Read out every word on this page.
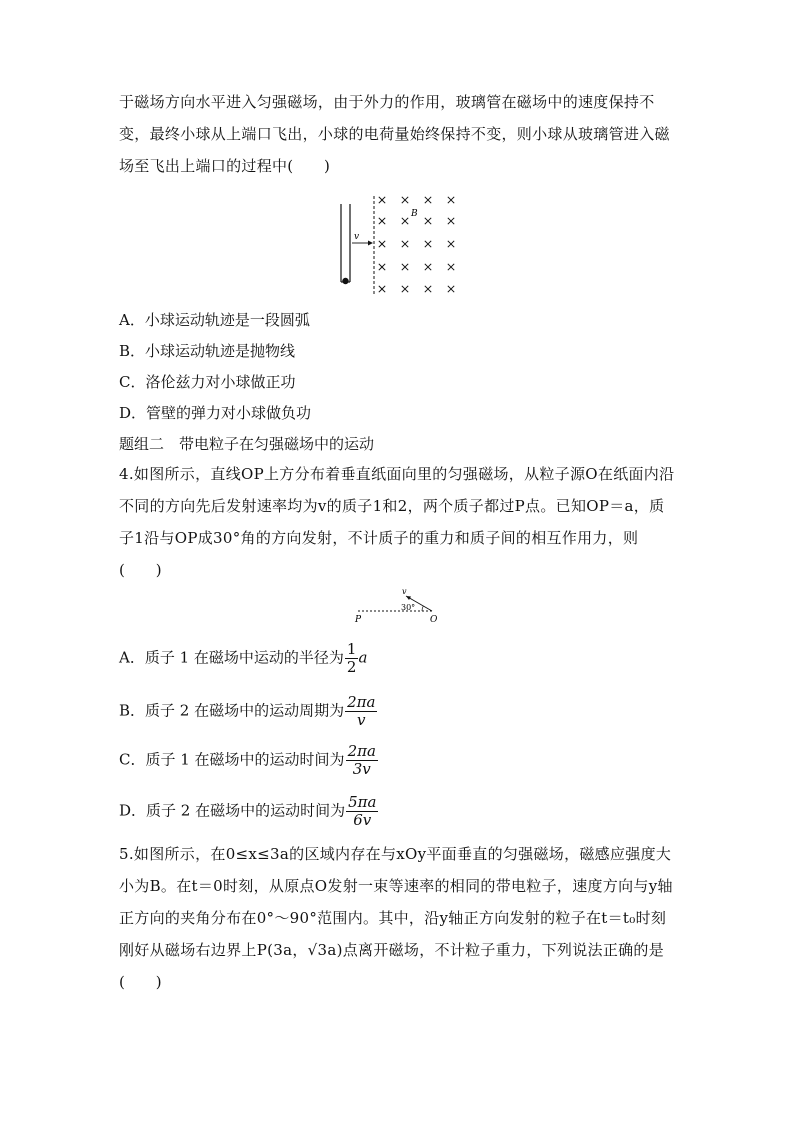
于磁场方向水平进入匀强磁场，由于外力的作用，玻璃管在磁场中的速度保持不变，最终小球从上端口飞出，小球的电荷量始终保持不变，则小球从玻璃管进入磁场至飞出上端口的过程中(　　)
v
B
A．小球运动轨迹是一段圆弧
B．小球运动轨迹是抛物线
C．洛伦兹力对小球做正功
D．管壁的弹力对小球做负功
题组二　带电粒子在匀强磁场中的运动
4.如图所示，直线OP上方分布着垂直纸面向里的匀强磁场，从粒子源O在纸面内沿不同的方向先后发射速率均为v的质子1和2，两个质子都过P点。已知OP＝a，质子1沿与OP成30°角的方向发射，不计质子的重力和质子间的相互作用力，则(　　)
v
30°
P	O
A．质子 1 在磁场中运动的半径为 $\frac{1}{2}$ a
B．质子 2 在磁场中的运动周期为 $\frac{2\pi a}{v}$
C．质子 1 在磁场中的运动时间为 $\frac{2\pi a}{3v}$
D．质子 2 在磁场中的运动时间为 $\frac{5\pi a}{6v}$
5.如图所示，在0≤x≤3a的区域内存在与xOy平面垂直的匀强磁场，磁感应强度大小为B。在t＝0时刻，从原点O发射一束等速率的相同的带电粒子，速度方向与y轴正方向的夹角分布在0°～90°范围内。其中，沿y轴正方向发射的粒子在t＝t₀时刻刚好从磁场右边界上P(3a，√3a)点离开磁场，不计粒子重力，下列说法正确的是(　　)
